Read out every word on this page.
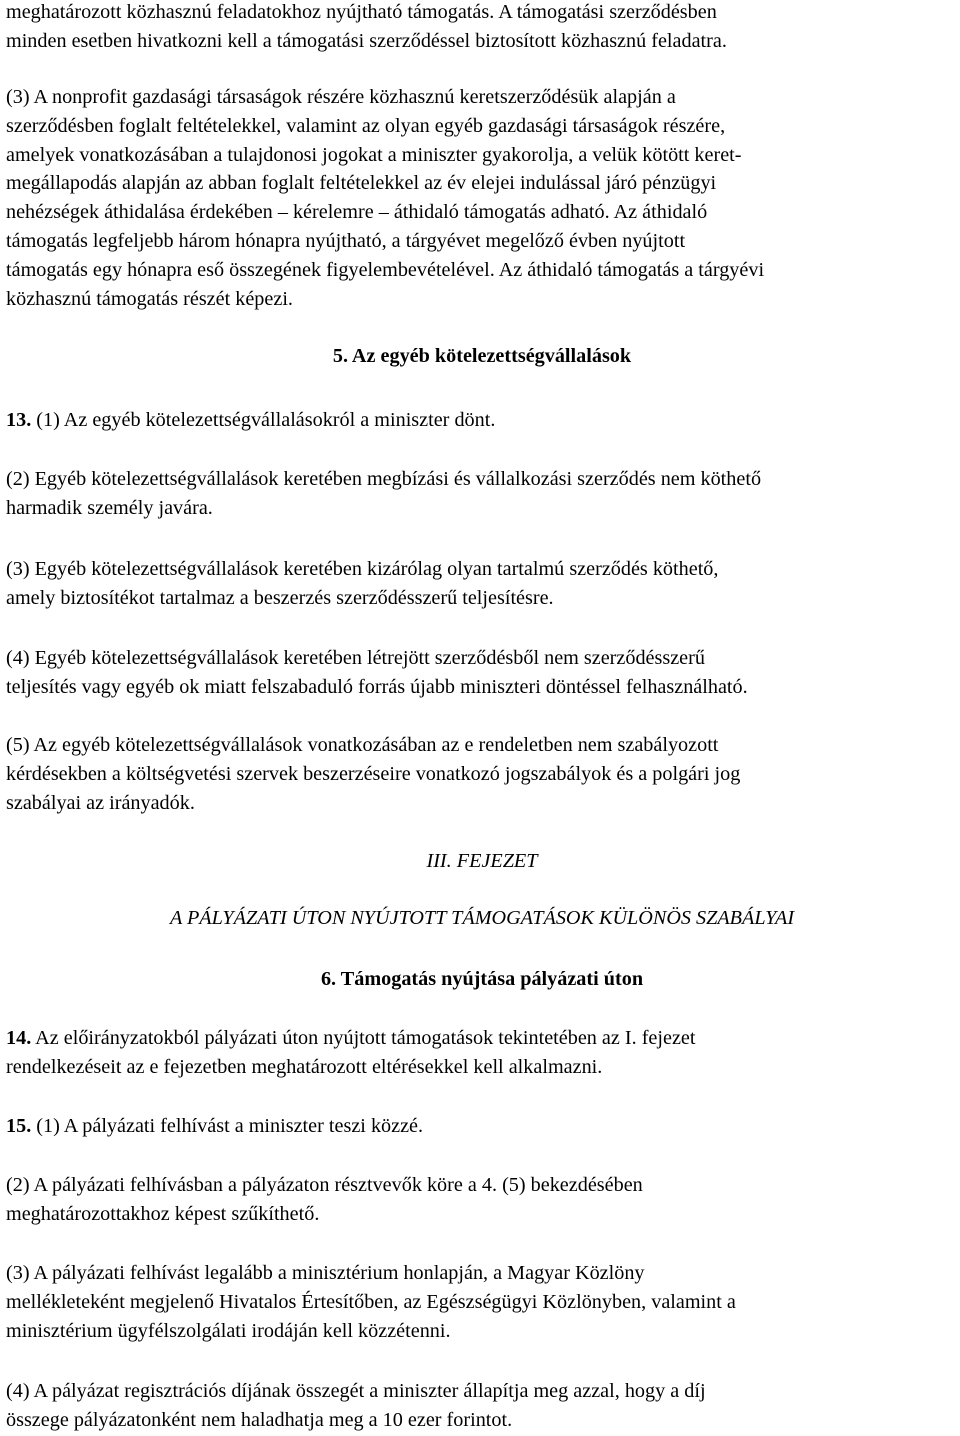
meghatározott közhasznú feladatokhoz nyújtható támogatás. A támogatási szerződésben

minden esetben hivatkozni kell a támogatási szerződéssel biztosított közhasznú feladatra.

(3) A nonprofit gazdasági társaságok részére közhasznú keretszerződésük alapján a

szerződésben foglalt feltételekkel, valamint az olyan egyéb gazdasági társaságok részére,

amelyek vonatkozásában a tulajdonosi jogokat a miniszter gyakorolja, a velük kötött keret-

megállapodás alapján az abban foglalt feltételekkel az év elejei indulással járó pénzügyi

nehézségek áthidalása érdekében – kérelemre – áthidaló támogatás adható. Az áthidaló

támogatás legfeljebb három hónapra nyújtható, a tárgyévet megelőző évben nyújtott

támogatás egy hónapra eső összegének figyelembevételével. Az áthidaló támogatás a tárgyévi

közhasznú támogatás részét képezi.

5. Az egyéb kötelezettségvállalások

13. (1) Az egyéb kötelezettségvállalásokról a miniszter dönt.

(2) Egyéb kötelezettségvállalások keretében megbízási és vállalkozási szerződés nem köthető

harmadik személy javára.

(3) Egyéb kötelezettségvállalások keretében kizárólag olyan tartalmú szerződés köthető,

amely biztosítékot tartalmaz a beszerzés szerződésszerű teljesítésre.

(4) Egyéb kötelezettségvállalások keretében létrejött szerződésből nem szerződésszerű

teljesítés vagy egyéb ok miatt felszabaduló forrás újabb miniszteri döntéssel felhasználható.

(5) Az egyéb kötelezettségvállalások vonatkozásában az e rendeletben nem szabályozott

kérdésekben a költségvetési szervek beszerzéseire vonatkozó jogszabályok és a polgári jog

szabályai az irányadók.

III. FEJEZET

A PÁLYÁZATI ÚTON NYÚJTOTT TÁMOGATÁSOK KÜLÖNÖS SZABÁLYAI

6. Támogatás nyújtása pályázati úton

14. Az előirányzatokból pályázati úton nyújtott támogatások tekintetében az I. fejezet

rendelkezéseit az e fejezetben meghatározott eltérésekkel kell alkalmazni.

15. (1) A pályázati felhívást a miniszter teszi közzé.

(2) A pályázati felhívásban a pályázaton résztvevők köre a 4. (5) bekezdésében

meghatározottakhoz képest szűkíthető.

(3) A pályázati felhívást legalább a minisztérium honlapján, a Magyar Közlöny

mellékleteként megjelenő Hivatalos Értesítőben, az Egészségügyi Közlönyben, valamint a

minisztérium ügyfélszolgálati irodáján kell közzétenni.

(4) A pályázat regisztrációs díjának összegét a miniszter állapítja meg azzal, hogy a díj

összege pályázatonként nem haladhatja meg a 10 ezer forintot.
